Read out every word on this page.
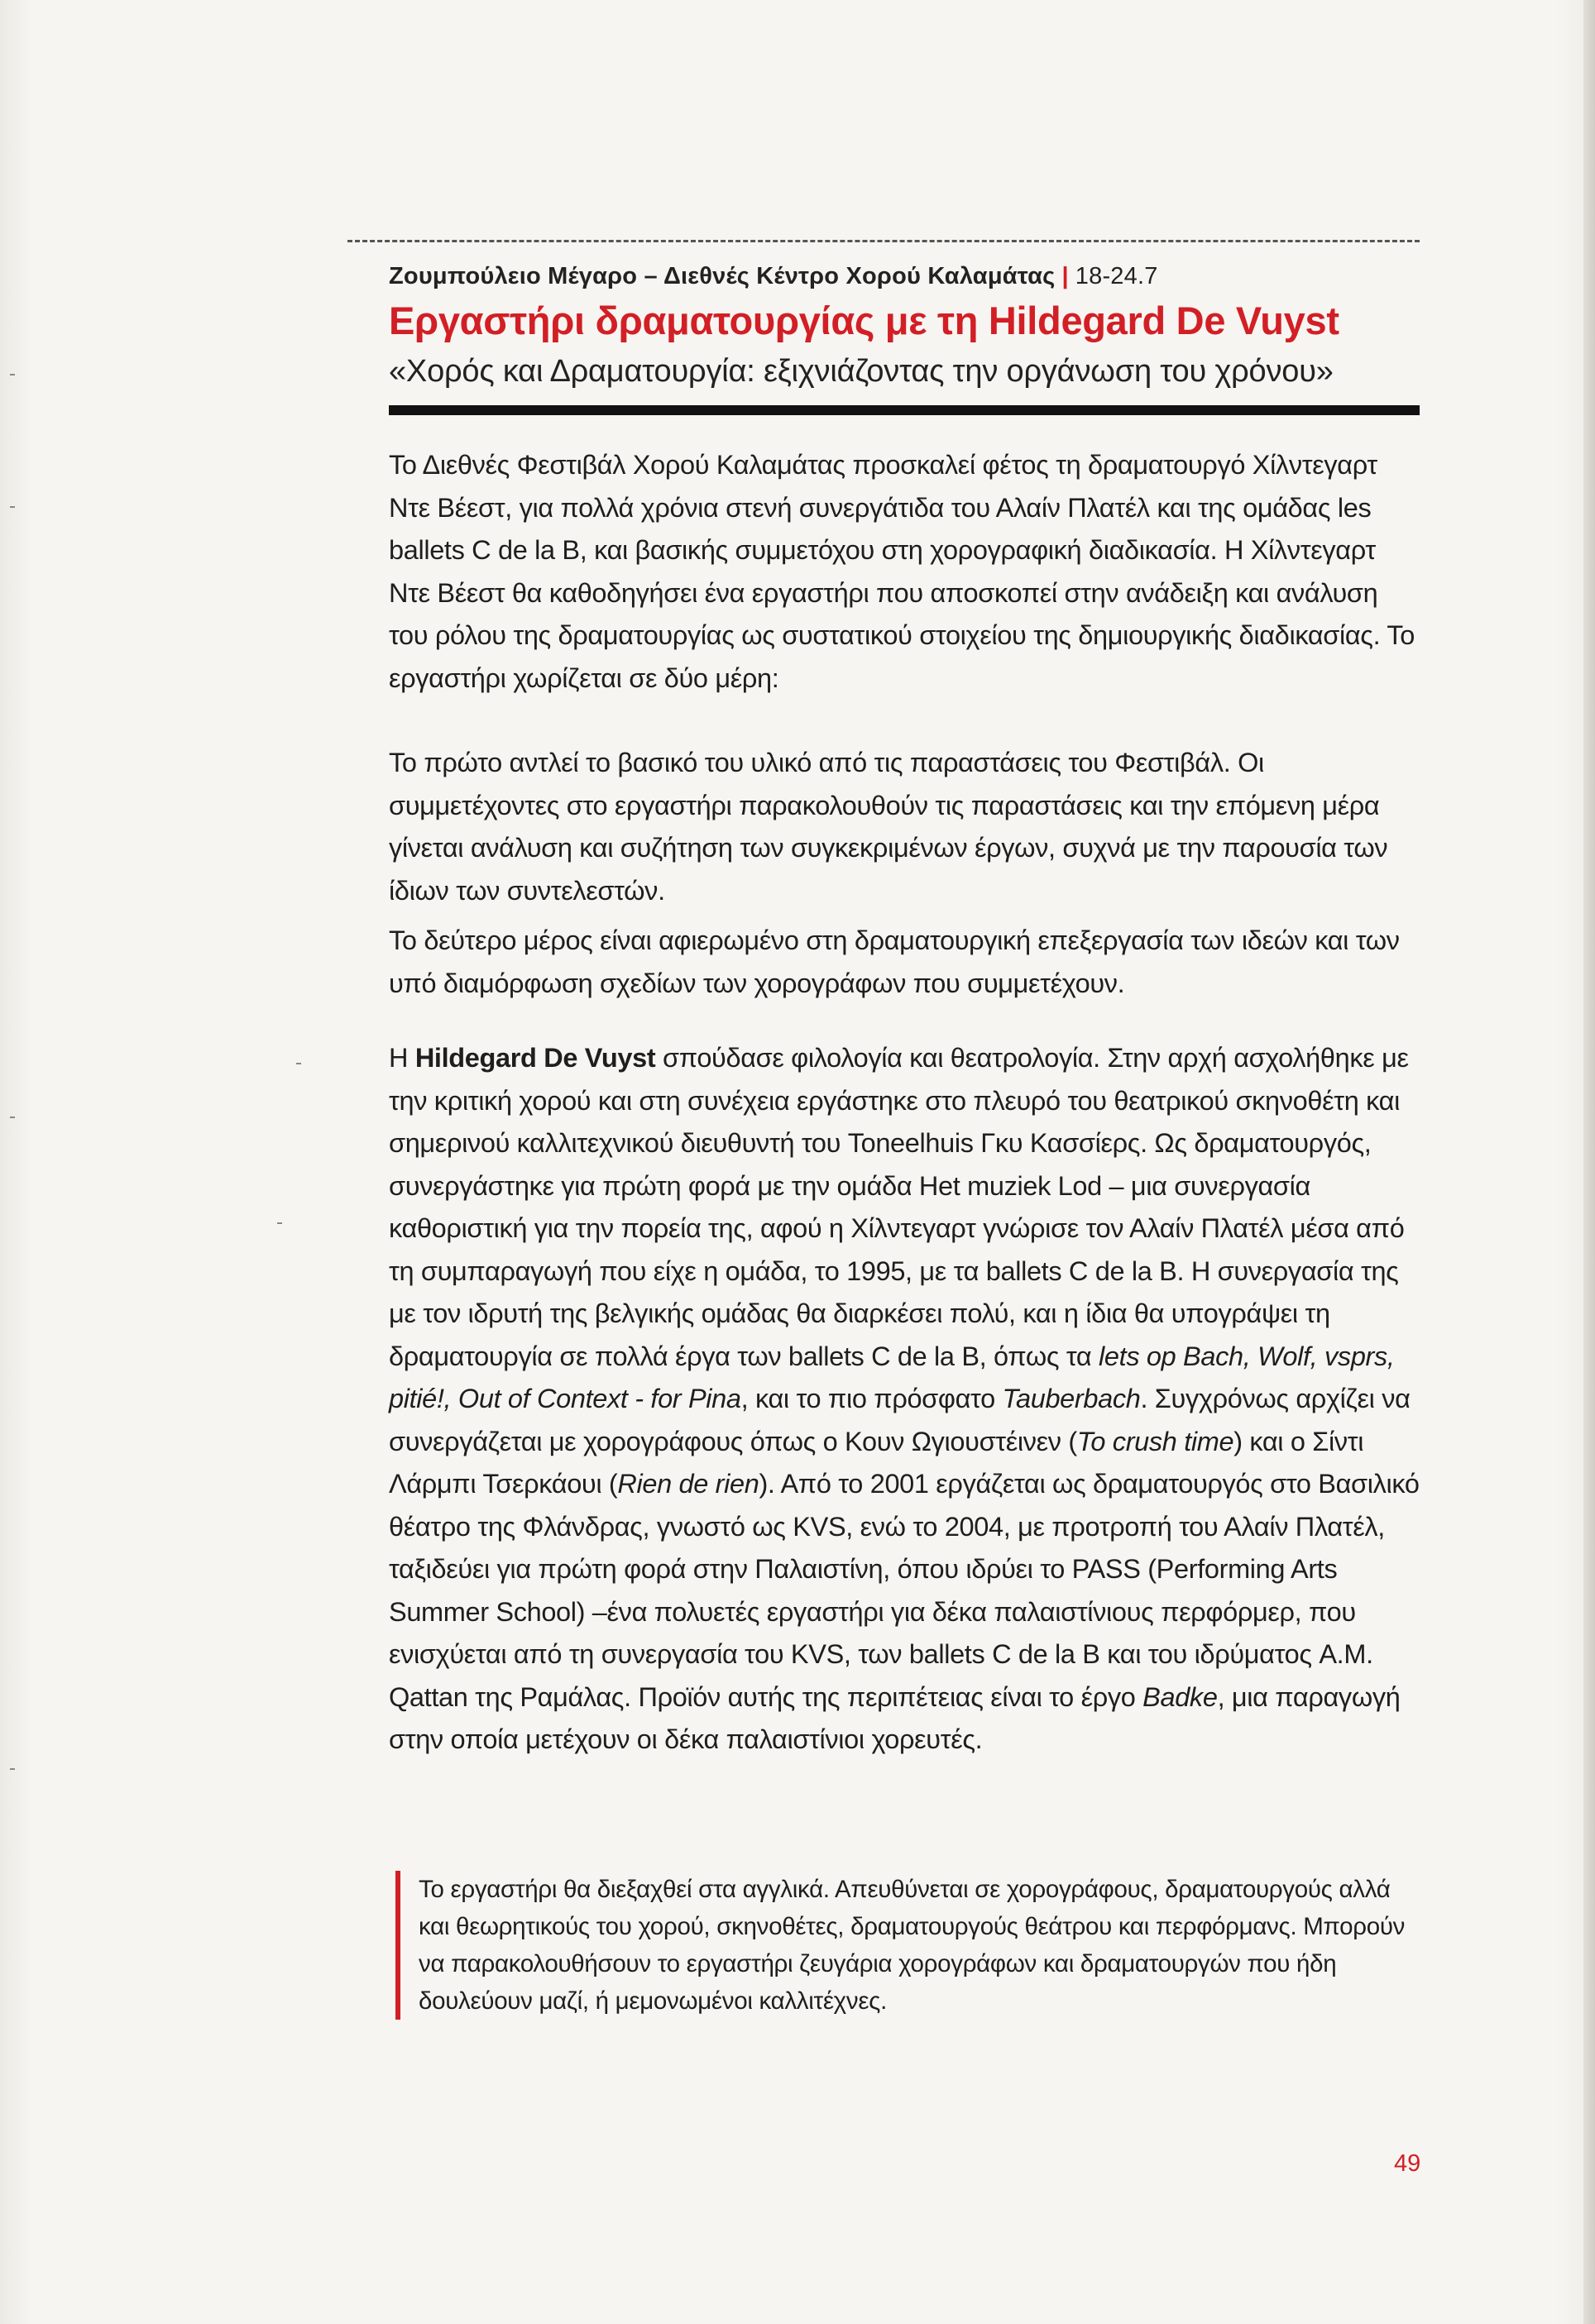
Ζουμπούλειο Μέγαρο – Διεθνές Κέντρο Χορού Καλαμάτας | 18-24.7
Εργαστήρι δραματουργίας με τη Hildegard De Vuyst
«Χορός και Δραματουργία: εξιχνιάζοντας την οργάνωση του χρόνου»

Το Διεθνές Φεστιβάλ Χορού Καλαμάτας προσκαλεί φέτος τη δραματουργό Χίλντεγαρτ Ντε Βέεστ, για πολλά χρόνια στενή συνεργάτιδα του Αλαίν Πλατέλ και της ομάδας les ballets C de la B, και βασικής συμμετόχου στη χορογραφική διαδικασία. Η Χίλντεγαρτ Ντε Βέεστ θα καθοδηγήσει ένα εργαστήρι που αποσκοπεί στην ανάδειξη και ανάλυση του ρόλου της δραματουργίας ως συστατικού στοιχείου της δημιουργικής διαδικασίας. Το εργαστήρι χωρίζεται σε δύο μέρη:

Το πρώτο αντλεί το βασικό του υλικό από τις παραστάσεις του Φεστιβάλ. Οι συμμετέχοντες στο εργαστήρι παρακολουθούν τις παραστάσεις και την επόμενη μέρα γίνεται ανάλυση και συζήτηση των συγκεκριμένων έργων, συχνά με την παρουσία των ίδιων των συντελεστών.

Το δεύτερο μέρος είναι αφιερωμένο στη δραματουργική επεξεργασία των ιδεών και των υπό διαμόρφωση σχεδίων των χορογράφων που συμμετέχουν.

Η Hildegard De Vuyst σπούδασε φιλολογία και θεατρολογία. Στην αρχή ασχολήθηκε με την κριτική χορού και στη συνέχεια εργάστηκε στο πλευρό του θεατρικού σκηνοθέτη και σημερινού καλλιτεχνικού διευθυντή του Toneelhuis Γκυ Κασσίερς. Ως δραματουργός, συνεργάστηκε για πρώτη φορά με την ομάδα Het muziek Lod – μια συνεργασία καθοριστική για την πορεία της, αφού η Χίλντεγαρτ γνώρισε τον Αλαίν Πλατέλ μέσα από τη συμπαραγωγή που είχε η ομάδα, το 1995, με τα ballets C de la B. Η συνεργασία της με τον ιδρυτή της βελγικής ομάδας θα διαρκέσει πολύ, και η ίδια θα υπογράψει τη δραματουργία σε πολλά έργα των ballets C de la B, όπως τα lets op Bach, Wolf, vsprs, pitié!, Out of Context - for Pina, και το πιο πρόσφατο Tauberbach. Συγχρόνως αρχίζει να συνεργάζεται με χορογράφους όπως ο Κουν Ωγιουστέινεν (To crush time) και ο Σίντι Λάρμπι Τσερκάουι (Rien de rien). Από το 2001 εργάζεται ως δραματουργός στο Βασιλικό θέατρο της Φλάνδρας, γνωστό ως KVS, ενώ το 2004, με προτροπή του Αλαίν Πλατέλ, ταξιδεύει για πρώτη φορά στην Παλαιστίνη, όπου ιδρύει το PASS (Performing Arts Summer School) –ένα πολυετές εργαστήρι για δέκα παλαιστίνιους περφόρμερ, που ενισχύεται από τη συνεργασία του KVS, των ballets C de la B και του ιδρύματος A.M. Qattan της Ραμάλας. Προϊόν αυτής της περιπέτειας είναι το έργο Badke, μια παραγωγή στην οποία μετέχουν οι δέκα παλαιστίνιοι χορευτές.

Το εργαστήρι θα διεξαχθεί στα αγγλικά. Απευθύνεται σε χορογράφους, δραματουργούς αλλά και θεωρητικούς του χορού, σκηνοθέτες, δραματουργούς θεάτρου και περφόρμανς. Μπορούν να παρακολουθήσουν το εργαστήρι ζευγάρια χορογράφων και δραματουργών που ήδη δουλεύουν μαζί, ή μεμονωμένοι καλλιτέχνες.
49
